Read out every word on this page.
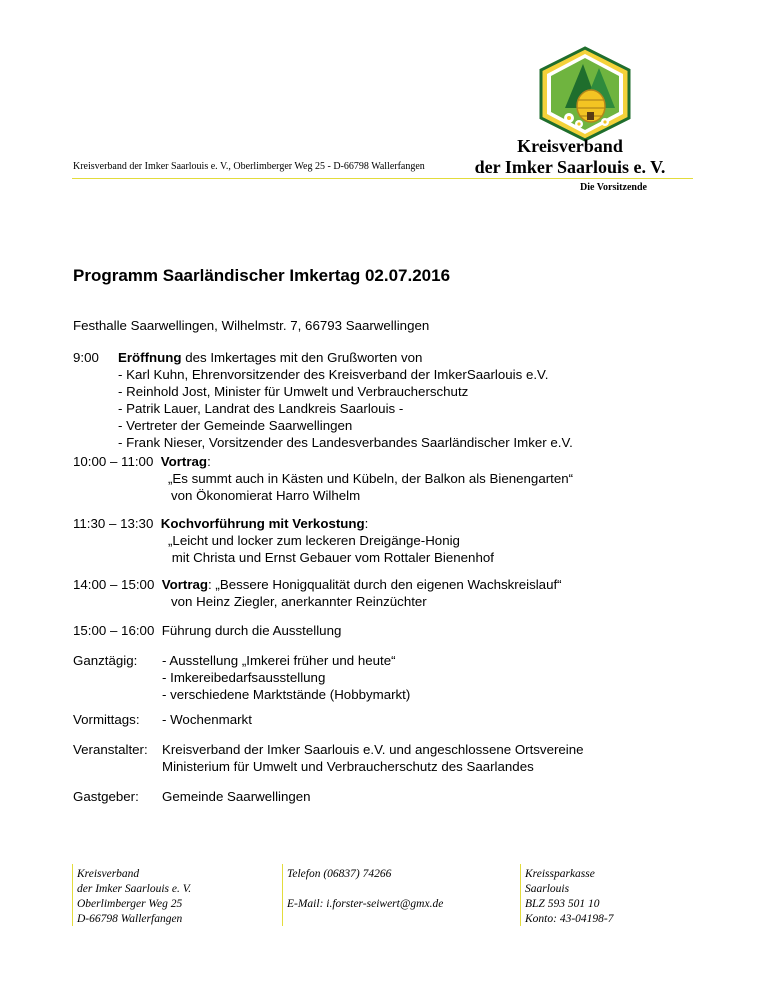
Kreisverband
der Imker Saarlouis e. V.
Kreisverband der Imker Saarlouis e. V., Oberlimberger Weg 25 - D-66798 Wallerfangen
Die Vorsitzende
Programm Saarländischer Imkertag 02.07.2016
Festhalle Saarwellingen, Wilhelmstr. 7, 66793 Saarwellingen
9:00 Eröffnung des Imkertages mit den Grußworten von
- Karl Kuhn, Ehrenvorsitzender des Kreisverband der ImkerSaarlouis e.V.
- Reinhold Jost, Minister für Umwelt und Verbraucherschutz
- Patrik Lauer, Landrat des Landkreis Saarlouis -
- Vertreter der Gemeinde Saarwellingen
- Frank Nieser, Vorsitzender des Landesverbandes Saarländischer Imker e.V.
10:00 – 11:00 Vortrag:
„Es summt auch in Kästen und Kübeln, der Balkon als Bienengarten“
von Ökonomierat Harro Wilhelm
11:30 – 13:30 Kochvorführung mit Verkostung:
„Leicht und locker zum leckeren Dreigänge-Honig
mit Christa und Ernst Gebauer vom Rottaler Bienenhof
14:00 – 15:00 Vortrag: „Bessere Honigqualität durch den eigenen Wachskreislauf“
von Heinz Ziegler, anerkannter Reinzüchter
15:00 – 16:00 Führung durch die Ausstellung
Ganztägig: - Ausstellung „Imkerei früher und heute“
- Imkereibedarfsausstellung
- verschiedene Marktstände (Hobbymarkt)
Vormittags: - Wochenmarkt
Veranstalter: Kreisverband der Imker Saarlouis e.V. und angeschlossene Ortsvereine
Ministerium für Umwelt und Verbraucherschutz des Saarlandes
Gastgeber: Gemeinde Saarwellingen
Kreisverband
der Imker Saarlouis e. V.
Oberlimberger Weg 25
D-66798 Wallerfangen
Telefon (06837) 74266
E-Mail: i.forster-seiwert@gmx.de
Kreissparkasse
Saarlouis
BLZ 593 501 10
Konto: 43-04198-7
